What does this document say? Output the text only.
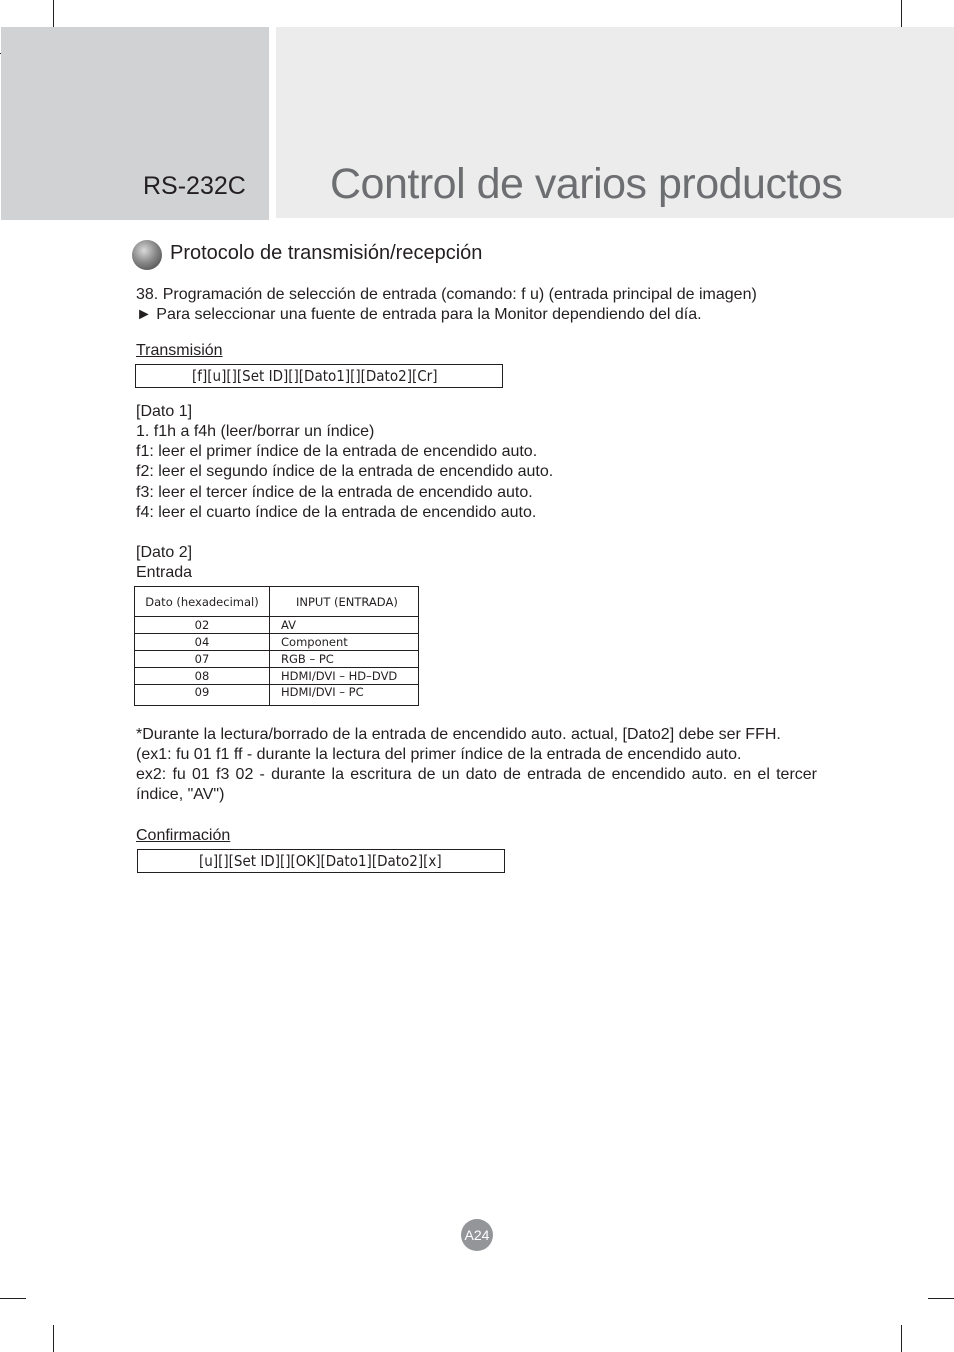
RS-232C Control de varios productos
Protocolo de transmisión/recepción
38. Programación de selección de entrada (comando: f u) (entrada principal de imagen)
► Para seleccionar una fuente de entrada para la Monitor dependiendo del día.
Transmisión
[f][u][][Set ID][][Dato1][][Dato2][Cr]
[Dato 1]
1. f1h a f4h (leer/borrar un índice)
f1: leer el primer índice de la entrada de encendido auto.
f2: leer el segundo índice de la entrada de encendido auto.
f3: leer el tercer índice de la entrada de encendido auto.
f4: leer el cuarto índice de la entrada de encendido auto.
[Dato 2]
Entrada
Dato (hexadecimal)	INPUT (ENTRADA)
02	AV
04	Component
07	RGB – PC
08	HDMI/DVI – HD–DVD
09	HDMI/DVI – PC
*Durante la lectura/borrado de la entrada de encendido auto. actual, [Dato2] debe ser FFH.
(ex1: fu 01 f1 ff - durante la lectura del primer índice de la entrada de encendido auto.
ex2: fu 01 f3 02 - durante la escritura de un dato de entrada de encendido auto. en el tercer índice, "AV")
Confirmación
[u][][Set ID][][OK][Dato1][Dato2][x]
A24
